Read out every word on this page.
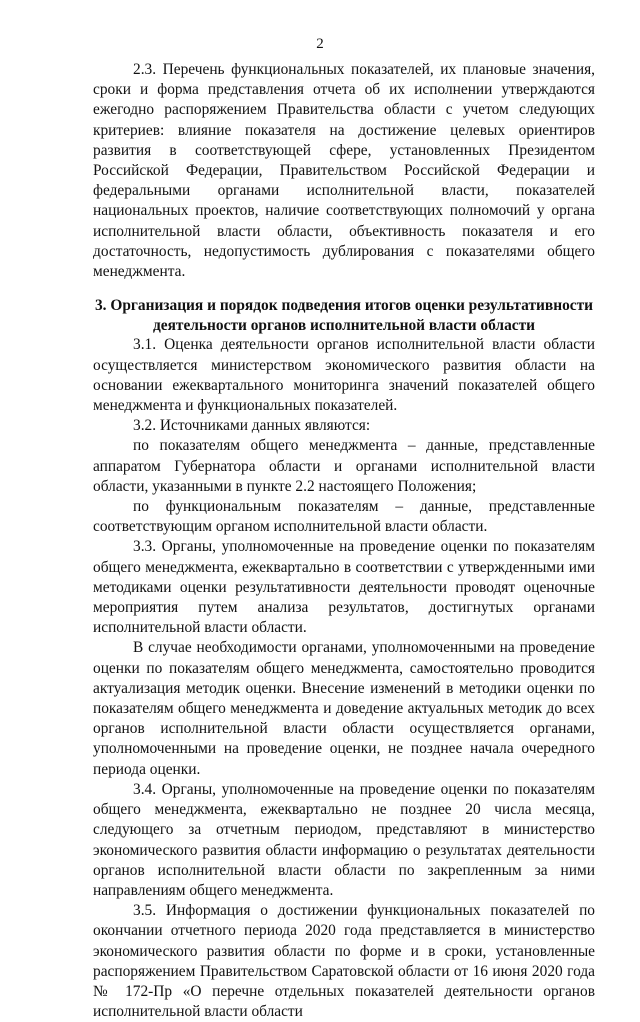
2

2.3. Перечень функциональных показателей, их плановые значения, сроки и форма представления отчета об их исполнении утверждаются ежегодно распоряжением Правительства области с учетом следующих критериев: влияние показателя на достижение целевых ориентиров развития в соответствующей сфере, установленных Президентом Российской Федерации, Правительством Российской Федерации и федеральными органами исполнительной власти, показателей национальных проектов, наличие соответствующих полномочий у органа исполнительной власти области, объективность показателя и его достаточность, недопустимость дублирования с показателями общего менеджмента.

3. Организация и порядок подведения итогов оценки результативности деятельности органов исполнительной власти области

3.1. Оценка деятельности органов исполнительной власти области осуществляется министерством экономического развития области на основании ежеквартального мониторинга значений показателей общего менеджмента и функциональных показателей.

3.2. Источниками данных являются:

по показателям общего менеджмента – данные, представленные аппаратом Губернатора области и органами исполнительной власти области, указанными в пункте 2.2 настоящего Положения;

по функциональным показателям – данные, представленные соответствующим органом исполнительной власти области.

3.3. Органы, уполномоченные на проведение оценки по показателям общего менеджмента, ежеквартально в соответствии с утвержденными ими методиками оценки результативности деятельности проводят оценочные мероприятия путем анализа результатов, достигнутых органами исполнительной власти области.

В случае необходимости органами, уполномоченными на проведение оценки по показателям общего менеджмента, самостоятельно проводится актуализация методик оценки. Внесение изменений в методики оценки по показателям общего менеджмента и доведение актуальных методик до всех органов исполнительной власти области осуществляется органами, уполномоченными на проведение оценки, не позднее начала очередного периода оценки.

3.4. Органы, уполномоченные на проведение оценки по показателям общего менеджмента, ежеквартально не позднее 20 числа месяца, следующего за отчетным периодом, представляют в министерство экономического развития области информацию о результатах деятельности органов исполнительной власти области по закрепленным за ними направлениям общего менеджмента.

3.5. Информация о достижении функциональных показателей по окончании отчетного периода 2020 года представляется в министерство экономического развития области по форме и в сроки, установленные распоряжением Правительством Саратовской области от 16 июня 2020 года № 172-Пр «О перечне отдельных показателей деятельности органов исполнительной власти области
